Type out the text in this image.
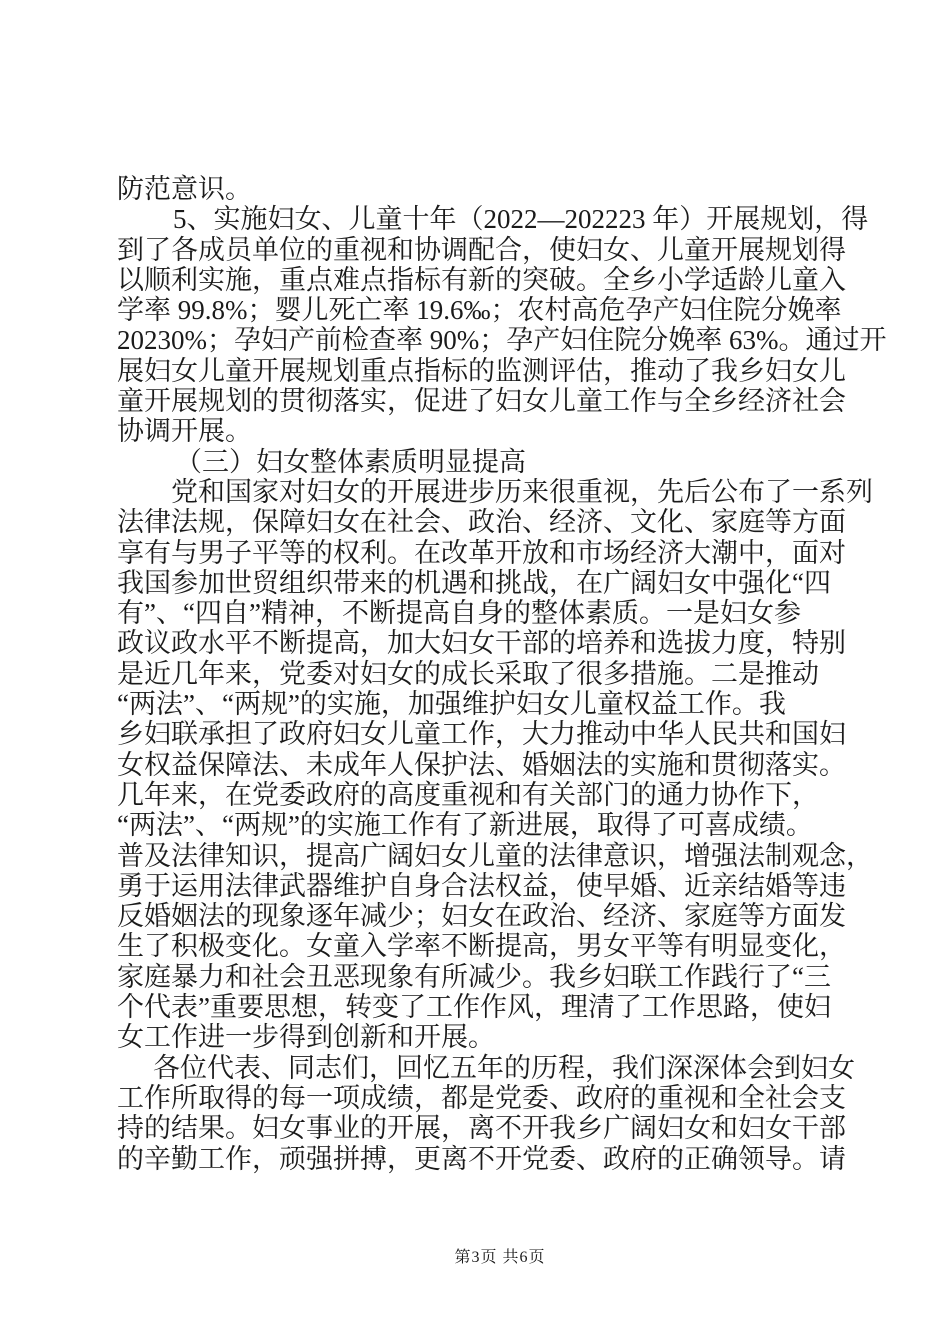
防范意识。
5、实施妇女、儿童十年（2022—202223 年）开展规划，得
到了各成员单位的重视和协调配合，使妇女、儿童开展规划得
以顺利实施，重点难点指标有新的突破。全乡小学适龄儿童入
学率 99.8%；婴儿死亡率 19.6‰；农村高危孕产妇住院分娩率
20230%；孕妇产前检查率 90%；孕产妇住院分娩率 63%。通过开
展妇女儿童开展规划重点指标的监测评估，推动了我乡妇女儿
童开展规划的贯彻落实，促进了妇女儿童工作与全乡经济社会
协调开展。
（三）妇女整体素质明显提高
党和国家对妇女的开展进步历来很重视，先后公布了一系列
法律法规，保障妇女在社会、政治、经济、文化、家庭等方面
享有与男子平等的权利。在改革开放和市场经济大潮中，面对
我国参加世贸组织带来的机遇和挑战，在广阔妇女中强化“四
有”、“四自”精神，不断提高自身的整体素质。一是妇女参
政议政水平不断提高，加大妇女干部的培养和选拔力度，特别
是近几年来，党委对妇女的成长采取了很多措施。二是推动
“两法”、“两规”的实施，加强维护妇女儿童权益工作。我
乡妇联承担了政府妇女儿童工作，大力推动中华人民共和国妇
女权益保障法、未成年人保护法、婚姻法的实施和贯彻落实。
几年来，在党委政府的高度重视和有关部门的通力协作下，
“两法”、“两规”的实施工作有了新进展，取得了可喜成绩。
普及法律知识，提高广阔妇女儿童的法律意识，增强法制观念，
勇于运用法律武器维护自身合法权益，使早婚、近亲结婚等违
反婚姻法的现象逐年减少；妇女在政治、经济、家庭等方面发
生了积极变化。女童入学率不断提高，男女平等有明显变化，
家庭暴力和社会丑恶现象有所减少。我乡妇联工作践行了“三
个代表”重要思想，转变了工作作风，理清了工作思路，使妇
女工作进一步得到创新和开展。
各位代表、同志们，回忆五年的历程，我们深深体会到妇女
工作所取得的每一项成绩，都是党委、政府的重视和全社会支
持的结果。妇女事业的开展，离不开我乡广阔妇女和妇女干部
的辛勤工作，顽强拼搏，更离不开党委、政府的正确领导。请
第3页 共6页
